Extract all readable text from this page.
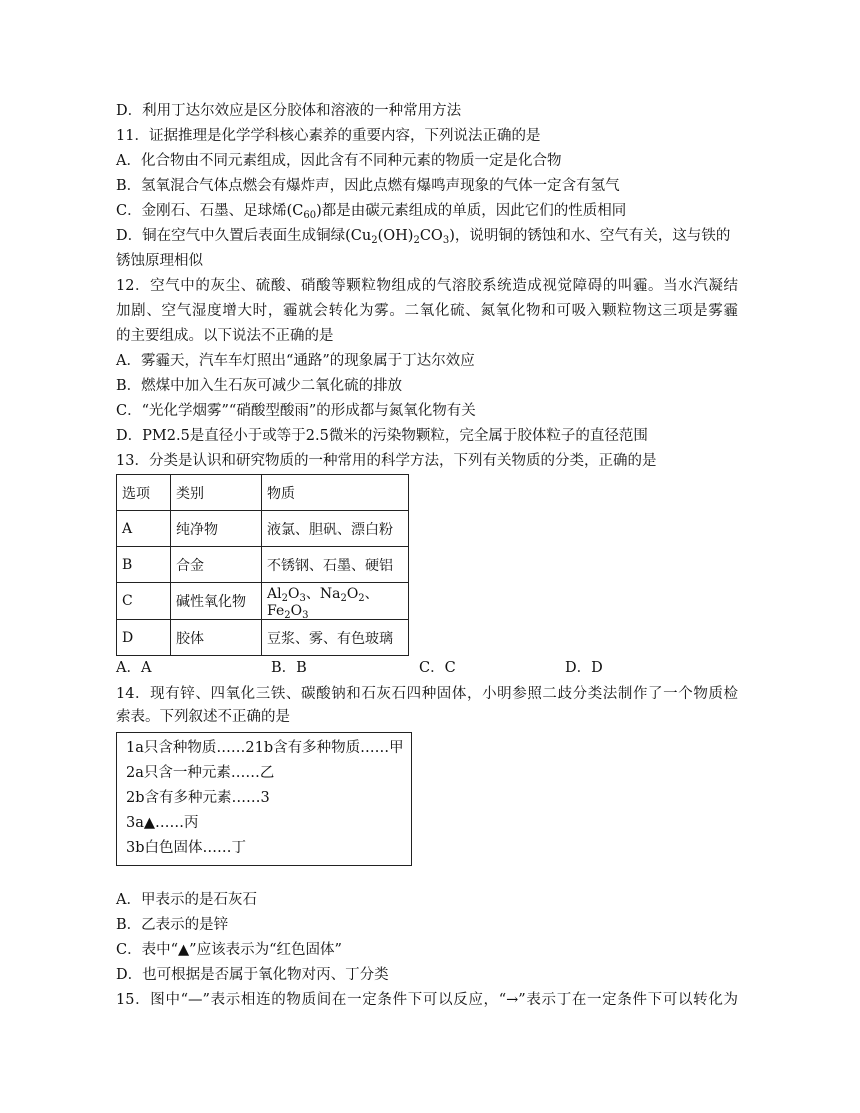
D．利用丁达尔效应是区分胶体和溶液的一种常用方法
11．证据推理是化学学科核心素养的重要内容，下列说法正确的是
A．化合物由不同元素组成，因此含有不同种元素的物质一定是化合物
B．氢氧混合气体点燃会有爆炸声，因此点燃有爆鸣声现象的气体一定含有氢气
C．金刚石、石墨、足球烯$(C_{60})$都是由碳元素组成的单质，因此它们的性质相同
D．铜在空气中久置后表面生成铜绿$(Cu_2(OH)_2CO_3)$，说明铜的锈蚀和水、空气有关，这与铁的
锈蚀原理相似
12．空气中的灰尘、硫酸、硝酸等颗粒物组成的气溶胶系统造成视觉障碍的叫霾。当水汽凝结
加剧、空气湿度增大时，霾就会转化为雾。二氧化硫、氮氧化物和可吸入颗粒物这三项是雾霾
的主要组成。以下说法不正确的是
A．雾霾天，汽车车灯照出“通路”的现象属于丁达尔效应
B．燃煤中加入生石灰可减少二氧化硫的排放
C．“光化学烟雾”“硝酸型酸雨”的形成都与氮氧化物有关
D．PM2.5是直径小于或等于2.5微米的污染物颗粒，完全属于胶体粒子的直径范围
13．分类是认识和研究物质的一种常用的科学方法，下列有关物质的分类，正确的是
选项	类别	物质
A	纯净物	液氯、胆矾、漂白粉
B	合金	不锈钢、石墨、硬铝
C	碱性氧化物	$Al_2O_3$、$Na_2O_2$、$Fe_2O_3$
D	胶体	豆浆、雾、有色玻璃
A．A	B．B	C．C	D．D
14．现有锌、四氧化三铁、碳酸钠和石灰石四种固体，小明参照二歧分类法制作了一个物质检
索表。下列叙述不正确的是
1a只含种物质……21b含有多种物质……甲
2a只含一种元素……乙
2b含有多种元素……3
3a▲……丙
3b白色固体……丁
A．甲表示的是石灰石
B．乙表示的是锌
C．表中“▲”应该表示为“红色固体”
D．也可根据是否属于氧化物对丙、丁分类
15．图中“—”表示相连的物质间在一定条件下可以反应，“→”表示丁在一定条件下可以转化为
